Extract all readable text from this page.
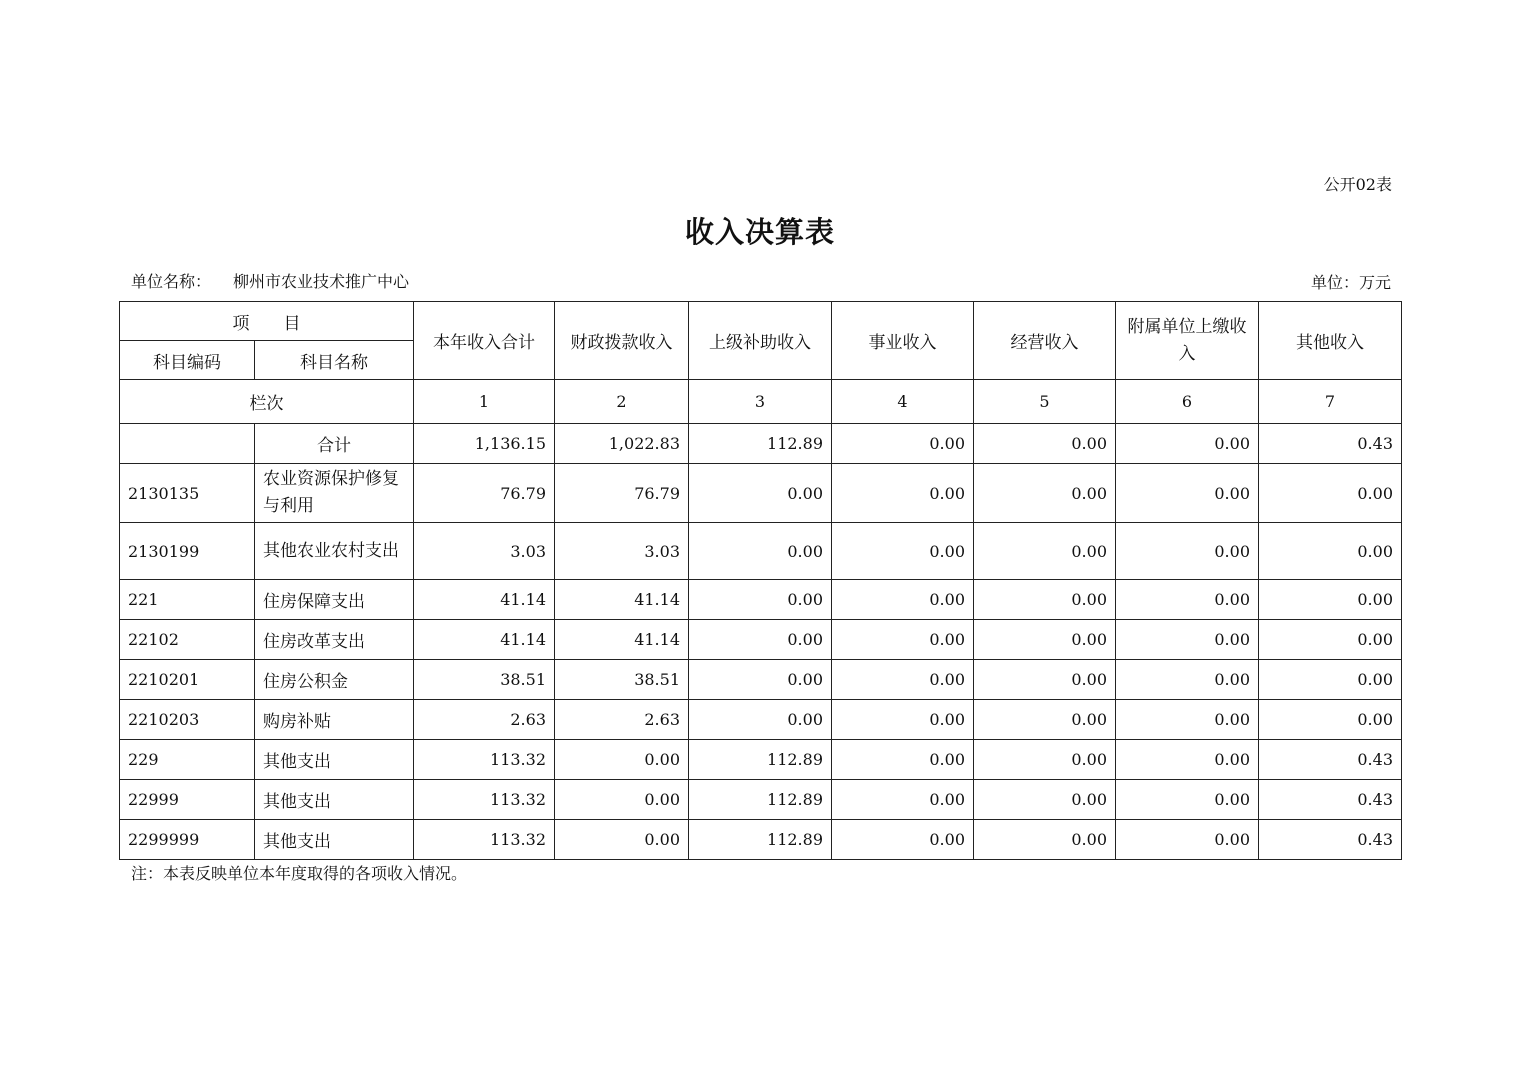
公开02表
收入决算表
单位名称： 柳州市农业技术推广中心	单位：万元
项　　目		本年收入合计	财政拨款收入	上级补助收入	事业收入	经营收入	附属单位上缴收入	其他收入
科目编码	科目名称							
栏次		1	2	3	4	5	6	7
	合计	1,136.15	1,022.83	112.89	0.00	0.00	0.00	0.43
2130135	农业资源保护修复与利用	76.79	76.79	0.00	0.00	0.00	0.00	0.00
2130199	其他农业农村支出	3.03	3.03	0.00	0.00	0.00	0.00	0.00
221	住房保障支出	41.14	41.14	0.00	0.00	0.00	0.00	0.00
22102	住房改革支出	41.14	41.14	0.00	0.00	0.00	0.00	0.00
2210201	住房公积金	38.51	38.51	0.00	0.00	0.00	0.00	0.00
2210203	购房补贴	2.63	2.63	0.00	0.00	0.00	0.00	0.00
229	其他支出	113.32	0.00	112.89	0.00	0.00	0.00	0.43
22999	其他支出	113.32	0.00	112.89	0.00	0.00	0.00	0.43
2299999	其他支出	113.32	0.00	112.89	0.00	0.00	0.00	0.43
注：本表反映单位本年度取得的各项收入情况。
